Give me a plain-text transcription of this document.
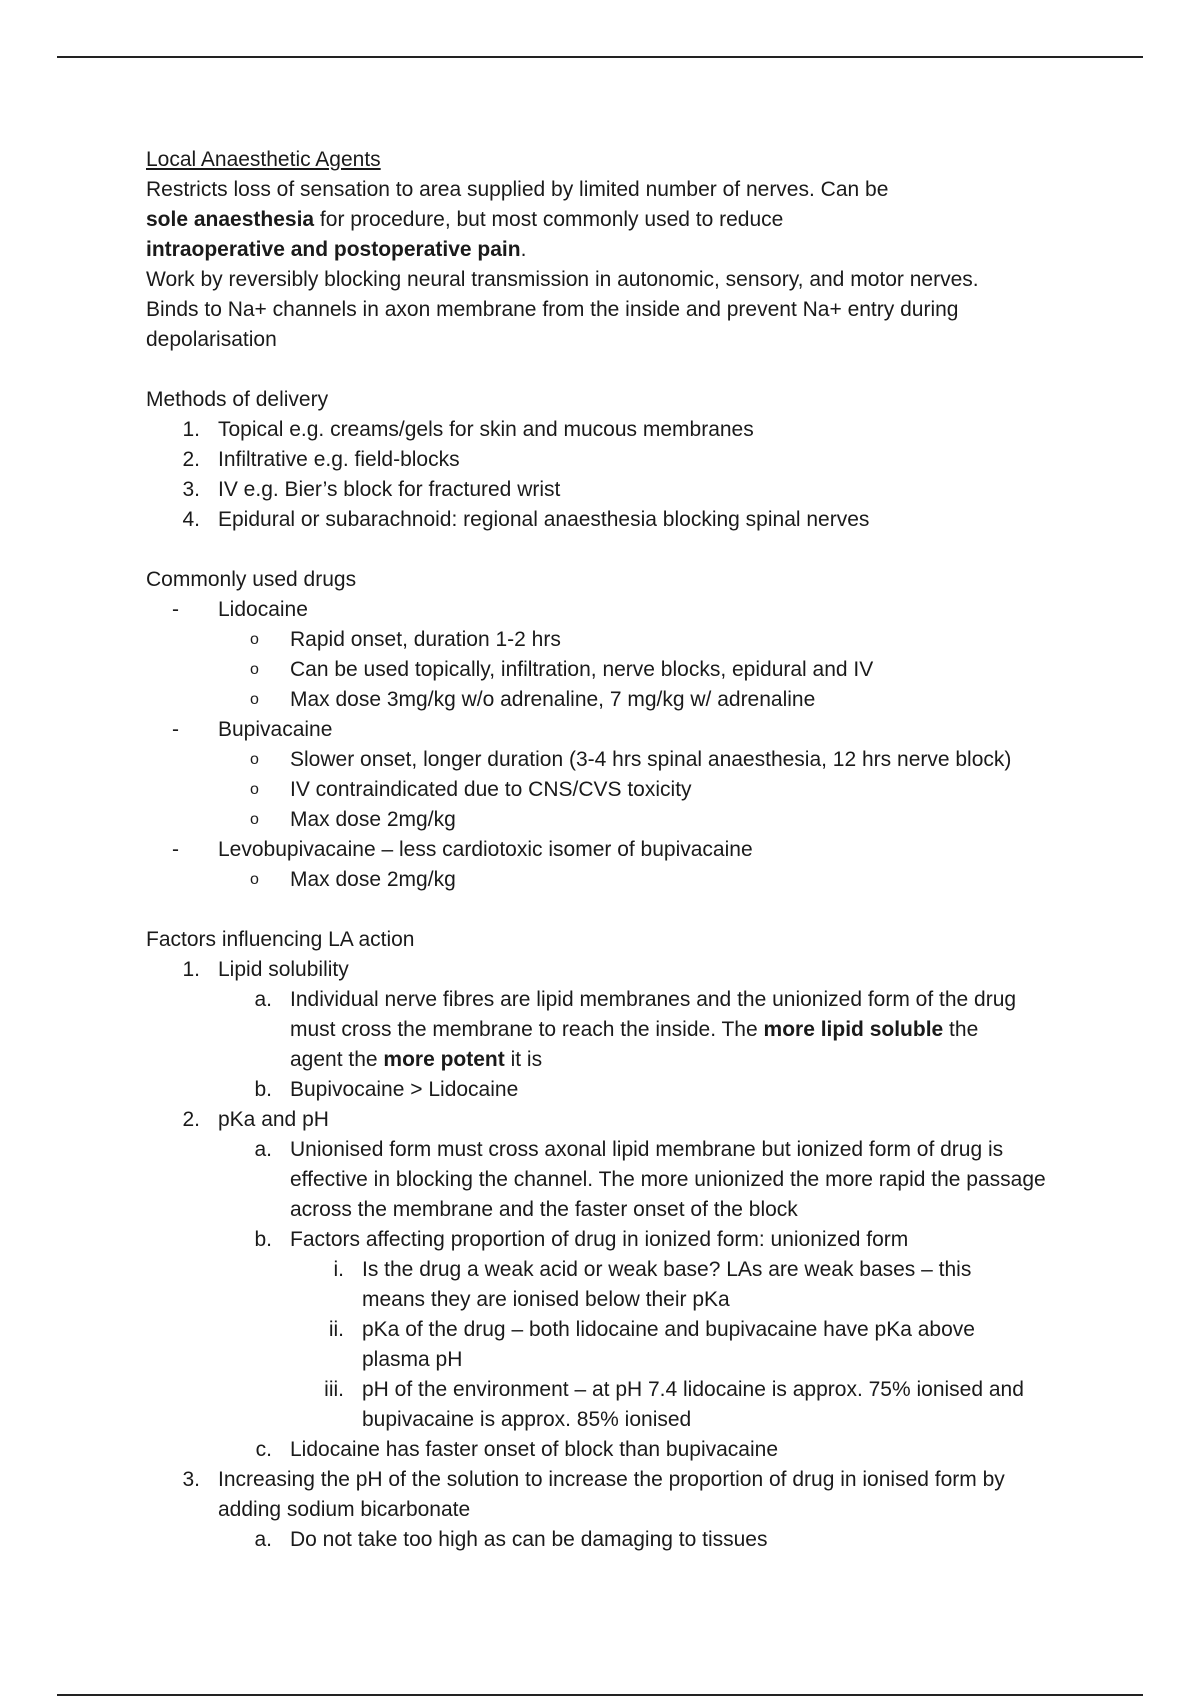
Local Anaesthetic Agents

Restricts loss of sensation to area supplied by limited number of nerves. Can be sole anaesthesia for procedure, but most commonly used to reduce intraoperative and postoperative pain.

Work by reversibly blocking neural transmission in autonomic, sensory, and motor nerves. Binds to Na+ channels in axon membrane from the inside and prevent Na+ entry during depolarisation

Methods of delivery

1. Topical e.g. creams/gels for skin and mucous membranes
2. Infiltrative e.g. field-blocks
3. IV e.g. Bier’s block for fractured wrist
4. Epidural or subarachnoid: regional anaesthesia blocking spinal nerves

Commonly used drugs

-	Lidocaine
o	Rapid onset, duration 1-2 hrs
o	Can be used topically, infiltration, nerve blocks, epidural and IV
o	Max dose 3mg/kg w/o adrenaline, 7 mg/kg w/ adrenaline
-	Bupivacaine
o	Slower onset, longer duration (3-4 hrs spinal anaesthesia, 12 hrs nerve block)
o	IV contraindicated due to CNS/CVS toxicity
o	Max dose 2mg/kg
-	Levobupivacaine – less cardiotoxic isomer of bupivacaine
o	Max dose 2mg/kg

Factors influencing LA action

1. Lipid solubility
a. Individual nerve fibres are lipid membranes and the unionized form of the drug must cross the membrane to reach the inside. The more lipid soluble the agent the more potent it is
b. Bupivocaine > Lidocaine
2. pKa and pH
a. Unionised form must cross axonal lipid membrane but ionized form of drug is effective in blocking the channel. The more unionized the more rapid the passage across the membrane and the faster onset of the block
b. Factors affecting proportion of drug in ionized form: unionized form
i. Is the drug a weak acid or weak base? LAs are weak bases – this means they are ionised below their pKa
ii. pKa of the drug – both lidocaine and bupivacaine have pKa above plasma pH
iii. pH of the environment – at pH 7.4 lidocaine is approx. 75% ionised and bupivacaine is approx. 85% ionised
c. Lidocaine has faster onset of block than bupivacaine
3. Increasing the pH of the solution to increase the proportion of drug in ionised form by adding sodium bicarbonate
a. Do not take too high as can be damaging to tissues
